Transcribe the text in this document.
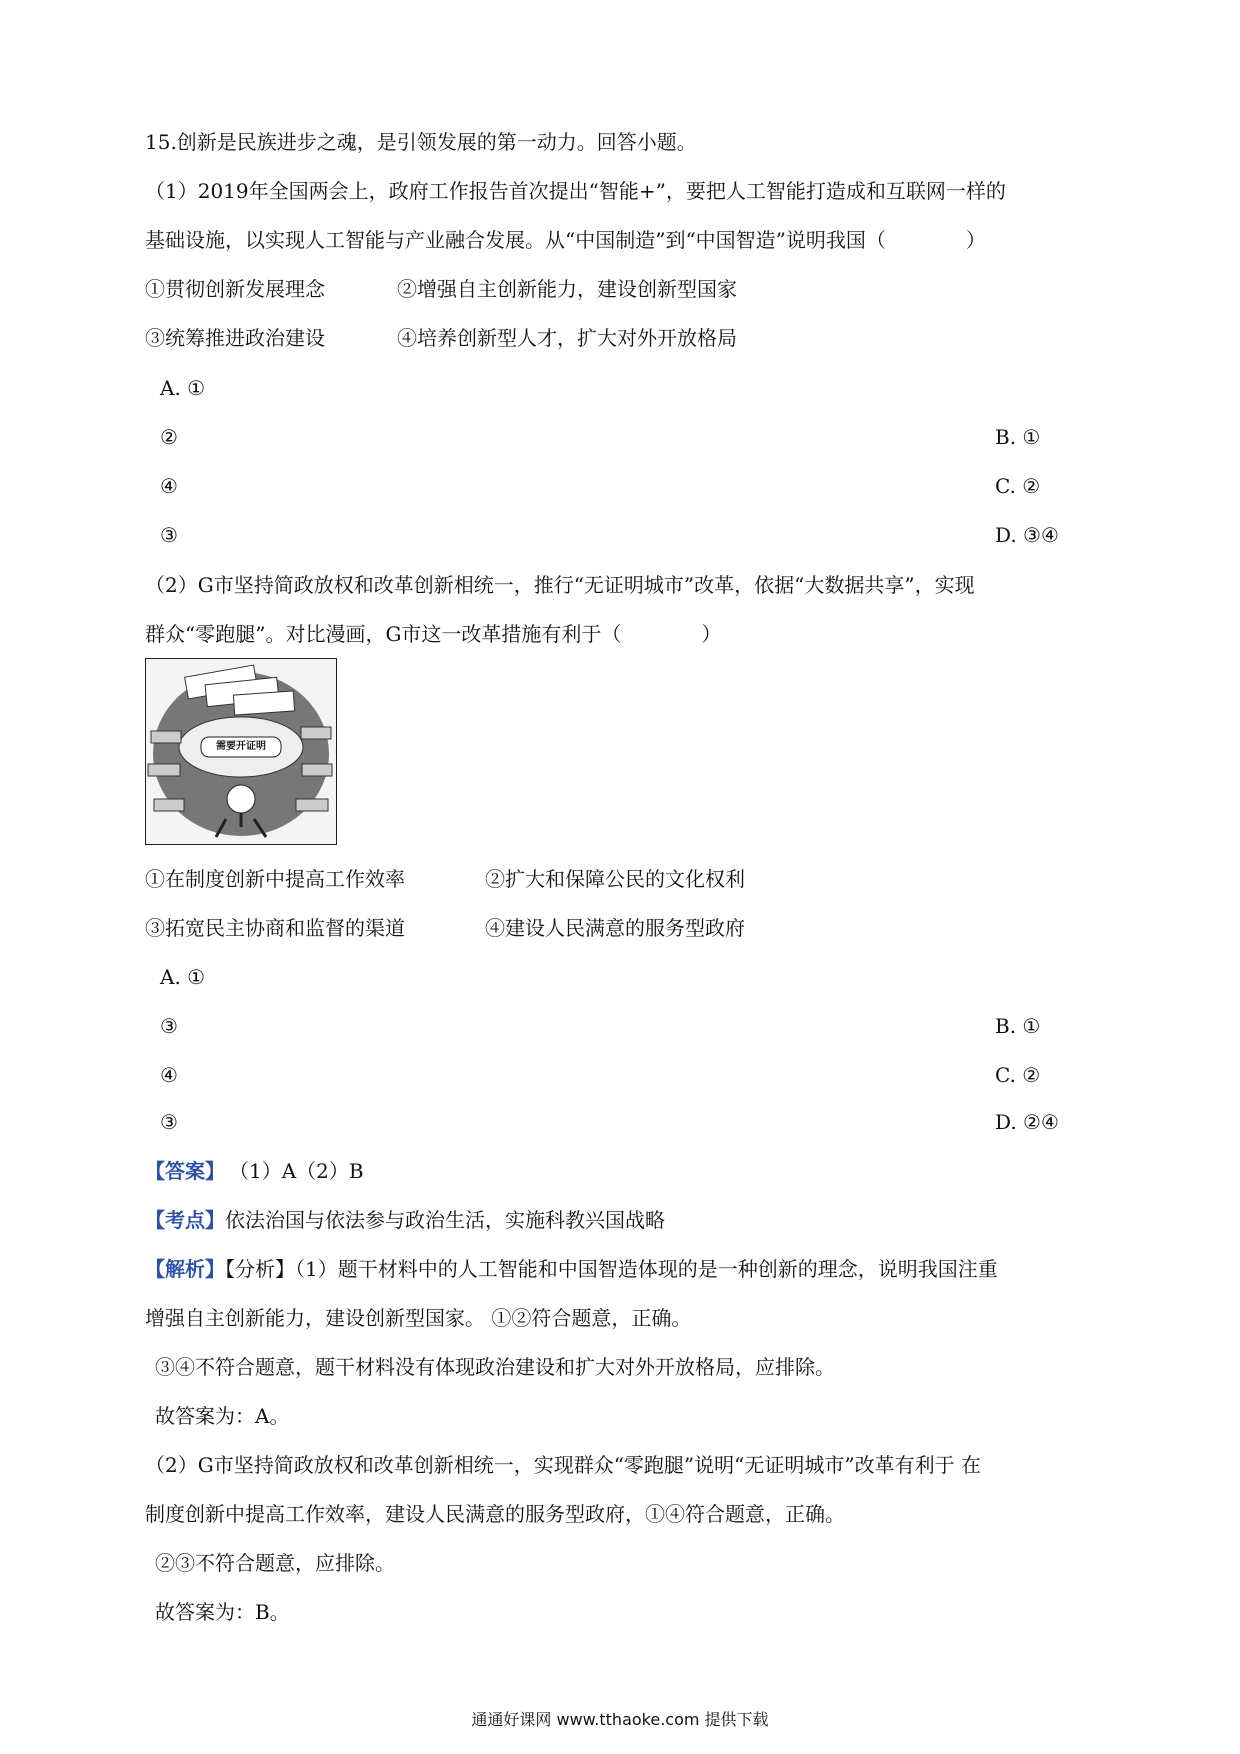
15.创新是民族进步之魂，是引领发展的第一动力。回答小题。
（1）2019年全国两会上，政府工作报告首次提出“智能+”，要把人工智能打造成和互联网一样的
基础设施，以实现人工智能与产业融合发展。从“中国制造”到“中国智造”说明我国（　　　　）
①贯彻创新发展理念	②增强自主创新能力，建设创新型国家
③统筹推进政治建设	④培养创新型人才，扩大对外开放格局
A. ①
②	B. ①
④	C. ②
③	D. ③④
（2）G市坚持简政放权和改革创新相统一，推行“无证明城市”改革，依据“大数据共享”，实现
群众“零跑腿”。对比漫画，G市这一改革措施有利于（　　　　）
需要开证明
①在制度创新中提高工作效率	②扩大和保障公民的文化权利
③拓宽民主协商和监督的渠道	④建设人民满意的服务型政府
A. ①
③	B. ①
④	C. ②
③	D. ②④
【答案】 （1）A（2）B
【考点】依法治国与依法参与政治生活，实施科教兴国战略
【解析】【分析】（1）题干材料中的人工智能和中国智造体现的是一种创新的理念，说明我国注重
增强自主创新能力，建设创新型国家。 ①②符合题意，正确。
③④不符合题意，题干材料没有体现政治建设和扩大对外开放格局，应排除。
故答案为：A。
（2）G市坚持简政放权和改革创新相统一，实现群众“零跑腿”说明“无证明城市”改革有利于 在
制度创新中提高工作效率，建设人民满意的服务型政府，①④符合题意，正确。
②③不符合题意，应排除。
故答案为：B。
通通好课网 www.tthaoke.com 提供下载
